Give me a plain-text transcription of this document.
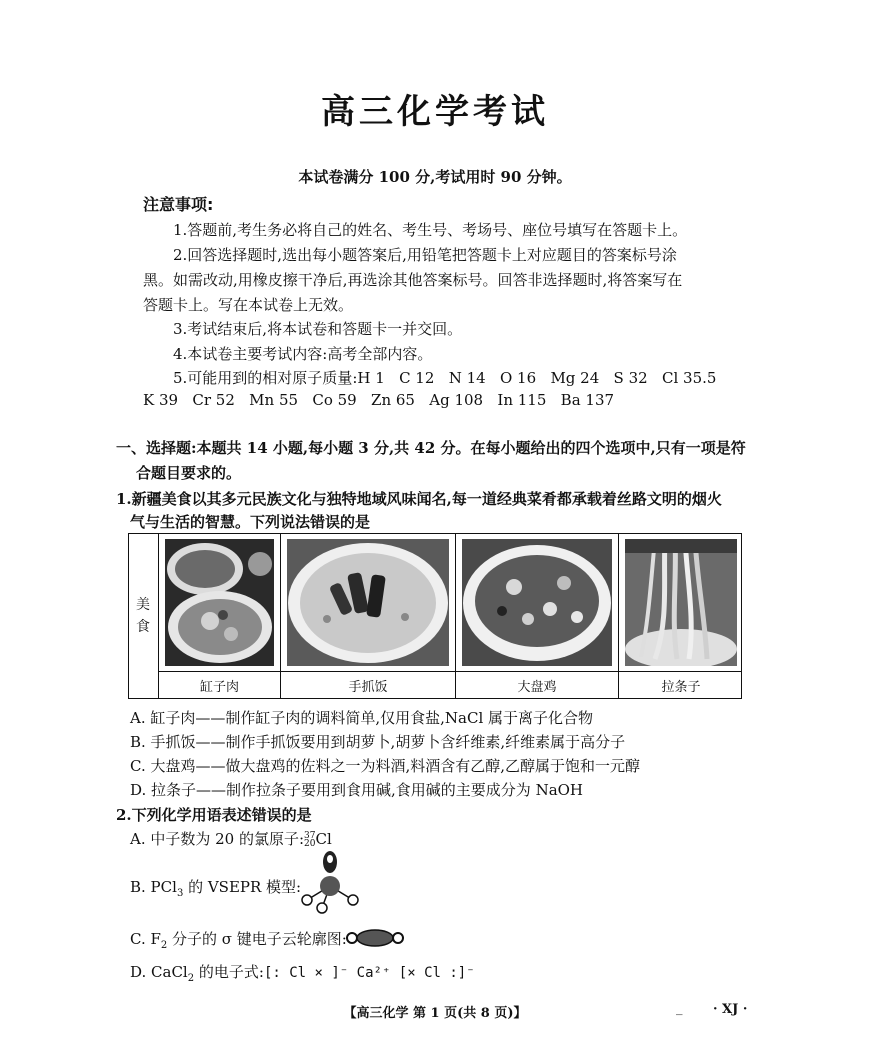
高三化学考试
本试卷满分 100 分,考试用时 90 分钟。
注意事项:
1.答题前,考生务必将自己的姓名、考生号、考场号、座位号填写在答题卡上。
2.回答选择题时,选出每小题答案后,用铅笔把答题卡上对应题目的答案标号涂
黑。如需改动,用橡皮擦干净后,再选涂其他答案标号。回答非选择题时,将答案写在
答题卡上。写在本试卷上无效。
3.考试结束后,将本试卷和答题卡一并交回。
4.本试卷主要考试内容:高考全部内容。
5.可能用到的相对原子质量:H 1   C 12   N 14   O 16   Mg 24   S 32   Cl 35.5
K 39   Cr 52   Mn 55   Co 59   Zn 65   Ag 108   In 115   Ba 137
一、选择题:本题共 14 小题,每小题 3 分,共 42 分。在每小题给出的四个选项中,只有一项是符
合题目要求的。
1.新疆美食以其多元民族文化与独特地域风味闻名,每一道经典菜肴都承载着丝路文明的烟火
气与生活的智慧。下列说法错误的是
美
食
缸子肉	手抓饭	大盘鸡	拉条子
A. 缸子肉——制作缸子肉的调料简单,仅用食盐,NaCl 属于离子化合物
B. 手抓饭——制作手抓饭要用到胡萝卜,胡萝卜含纤维素,纤维素属于高分子
C. 大盘鸡——做大盘鸡的佐料之一为料酒,料酒含有乙醇,乙醇属于饱和一元醇
D. 拉条子——制作拉条子要用到食用碱,食用碱的主要成分为 NaOH
2.下列化学用语表述错误的是
A. 中子数为 20 的氯原子:37
20Cl
B. PCl$_3$ 的 VSEPR 模型:
C. $F_2$ 分子的 σ 键电子云轮廓图:
D. CaCl$_2$ 的电子式:[: Cl × ]⁻ Ca²⁺ [× Cl :]⁻
【高三化学 第 1 页(共 8 页)】	_ · XJ ·
